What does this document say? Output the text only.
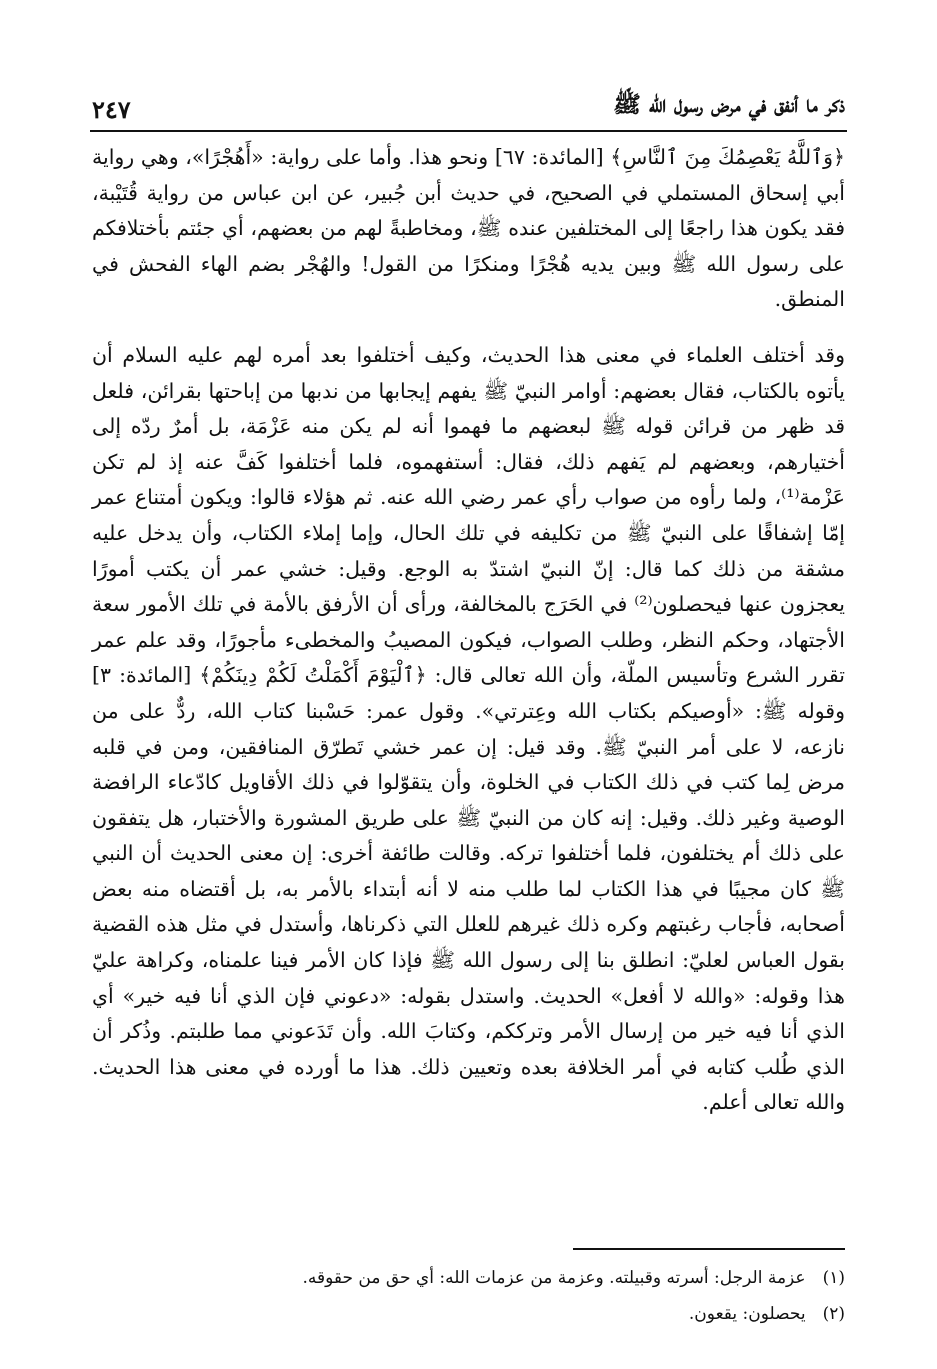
ذكر ما أنفق في مرض رسول الله ﷺ
٢٤٧

﴿وَٱللَّهُ يَعْصِمُكَ مِنَ ٱلنَّاسِ﴾ [المائدة: ٦٧] ونحو هذا. وأما على رواية: «أَهُجْرًا»، وهي رواية أبي إسحاق المستملي في الصحيح، في حديث أبن جُبير، عن ابن عباس من رواية قُتَيْبة، فقد يكون هذا راجعًا إلى المختلفين عنده ﷺ، ومخاطبةً لهم من بعضهم، أي جئتم بأختلافكم على رسول الله ﷺ وبين يديه هُجْرًا ومنكرًا من القول! والهُجْر بضم الهاء الفحش في المنطق.

وقد أختلف العلماء في معنى هذا الحديث، وكيف أختلفوا بعد أمره لهم عليه السلام أن يأتوه بالكتاب، فقال بعضهم: أوامر النبيّ ﷺ يفهم إيجابها من ندبها من إباحتها بقرائن، فلعل قد ظهر من قرائن قوله ﷺ لبعضهم ما فهموا أنه لم يكن منه عَزْمَة، بل أمرٌ ردّه إلى أختيارهم، وبعضهم لم يَفهم ذلك، فقال: أستفهموه، فلما أختلفوا كَفَّ عنه إذ لم تكن عَزْمة⁽¹⁾، ولما رأوه من صواب رأي عمر رضي الله عنه. ثم هؤلاء قالوا: ويكون أمتناع عمر إمّا إشفاقًا على النبيّ ﷺ من تكليفه في تلك الحال، وإما إملاء الكتاب، وأن يدخل عليه مشقة من ذلك كما قال: إنّ النبيّ اشتدّ به الوجع. وقيل: خشي عمر أن يكتب أمورًا يعجزون عنها فيحصلون⁽²⁾ في الحَرَج بالمخالفة، ورأى أن الأرفق بالأمة في تلك الأمور سعة الأجتهاد، وحكم النظر، وطلب الصواب، فيكون المصيبُ والمخطىء مأجورًا، وقد علم عمر تقرر الشرع وتأسيس الملّة، وأن الله تعالى قال: ﴿ٱلْيَوْمَ أَكْمَلْتُ لَكُمْ دِينَكُمْ﴾ [المائدة: ٣] وقوله ﷺ: «أوصيكم بكتاب الله وعِترتي». وقول عمر: حَسْبنا كتاب الله، ردٌّ على من نازعه، لا على أمر النبيّ ﷺ. وقد قيل: إن عمر خشي تَطرّق المنافقين، ومن في قلبه مرض لِما كتب في ذلك الكتاب في الخلوة، وأن يتقوّلوا في ذلك الأقاويل كادّعاء الرافضة الوصية وغير ذلك. وقيل: إنه كان من النبيّ ﷺ على طريق المشورة والأختبار، هل يتفقون على ذلك أم يختلفون، فلما أختلفوا تركه. وقالت طائفة أخرى: إن معنى الحديث أن النبي ﷺ كان مجيبًا في هذا الكتاب لما طلب منه لا أنه أبتداء بالأمر به، بل أقتضاه منه بعض أصحابه، فأجاب رغبتهم وكره ذلك غيرهم للعلل التي ذكرناها، وأستدل في مثل هذه القضية بقول العباس لعليّ: انطلق بنا إلى رسول الله ﷺ فإذا كان الأمر فينا علمناه، وكراهة عليّ هذا وقوله: «والله لا أفعل» الحديث. واستدل بقوله: «دعوني فإن الذي أنا فيه خير» أي الذي أنا فيه خير من إرسال الأمر وترككم، وكتابَ الله. وأن تَدَعوني مما طلبتم. وذُكر أن الذي طُلب كتابه في أمر الخلافة بعده وتعيين ذلك. هذا ما أورده في معنى هذا الحديث. والله تعالى أعلم.

(١) عزمة الرجل: أسرته وقبيلته. وعزمة من عزمات الله: أي حق من حقوقه.
(٢) يحصلون: يقعون.
